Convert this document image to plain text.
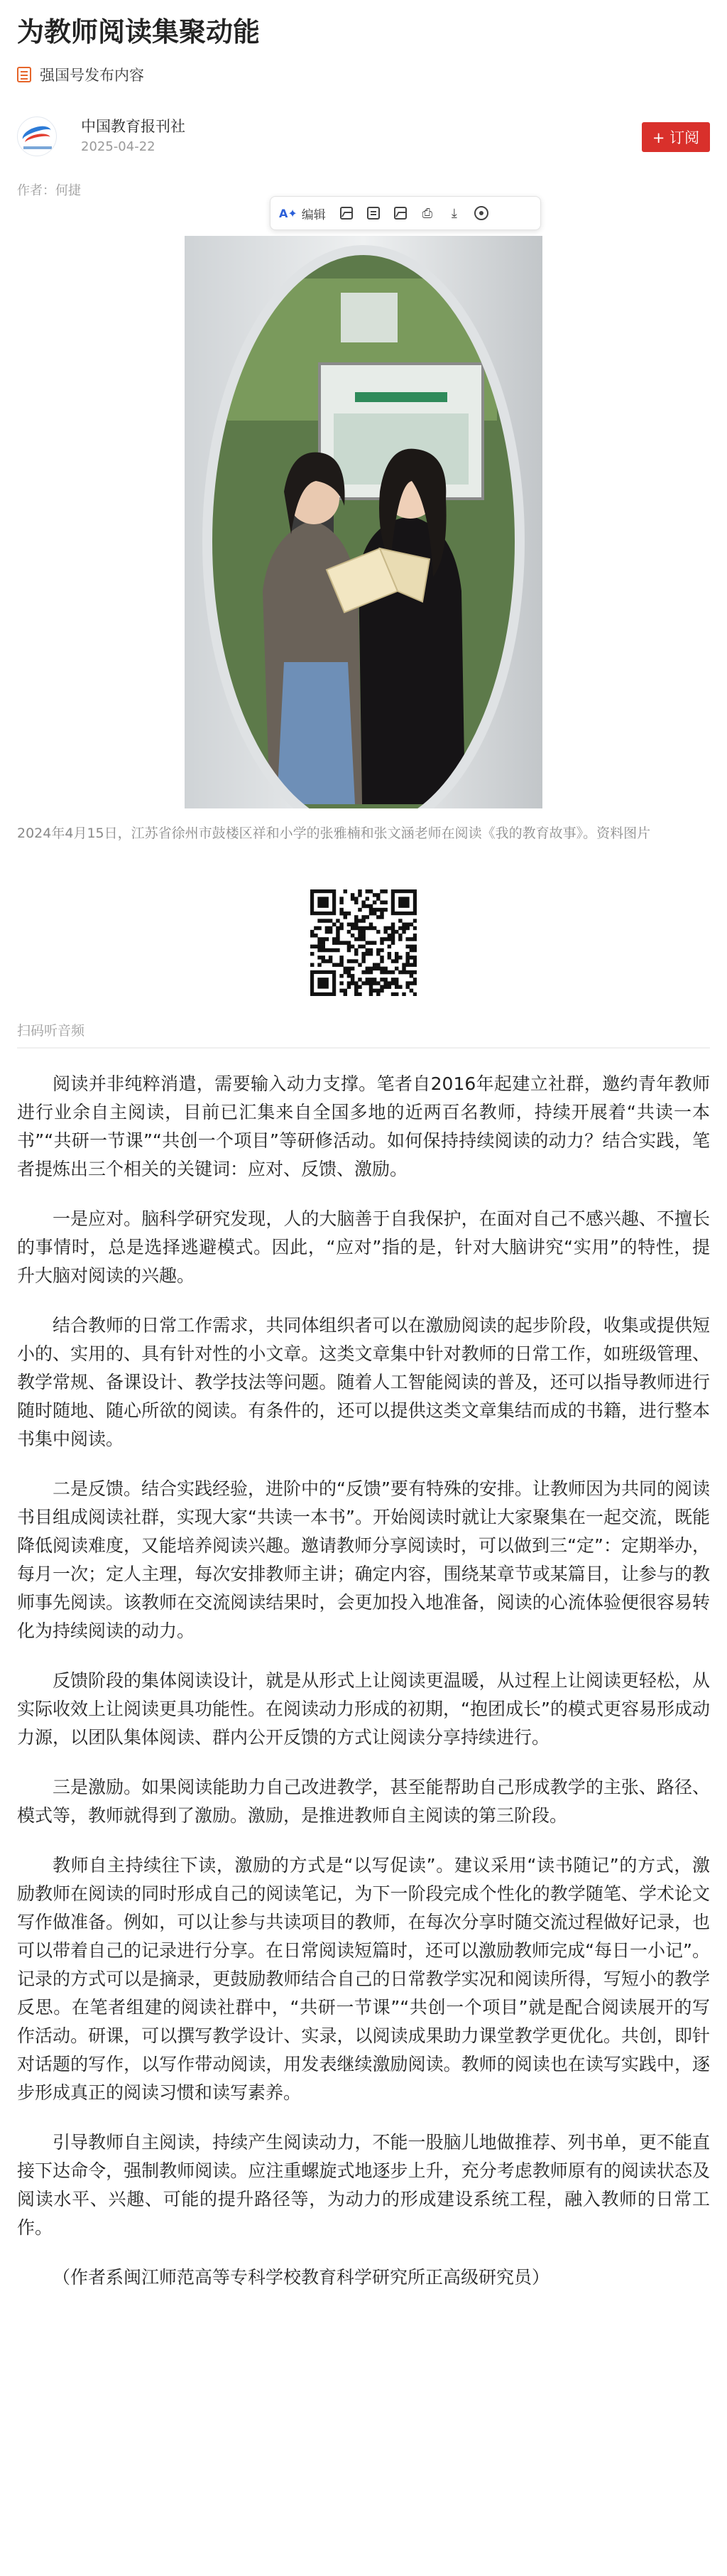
为教师阅读集聚动能
强国号发布内容
中国教育报刊社
2025-04-22
+ 订阅
作者：何捷
A✦ 编辑	⎙ ⤓
2024年4月15日，江苏省徐州市鼓楼区祥和小学的张雅楠和张文涵老师在阅读《我的教育故事》。资料图片
扫码听音频

阅读并非纯粹消遣，需要输入动力支撑。笔者自2016年起建立社群，邀约青年教师进行业余自主阅读，目前已汇集来自全国多地的近两百名教师，持续开展着“共读一本书”“共研一节课”“共创一个项目”等研修活动。如何保持持续阅读的动力？结合实践，笔者提炼出三个相关的关键词：应对、反馈、激励。

一是应对。脑科学研究发现，人的大脑善于自我保护，在面对自己不感兴趣、不擅长的事情时，总是选择逃避模式。因此，“应对”指的是，针对大脑讲究“实用”的特性，提升大脑对阅读的兴趣。

结合教师的日常工作需求，共同体组织者可以在激励阅读的起步阶段，收集或提供短小的、实用的、具有针对性的小文章。这类文章集中针对教师的日常工作，如班级管理、教学常规、备课设计、教学技法等问题。随着人工智能阅读的普及，还可以指导教师进行随时随地、随心所欲的阅读。有条件的，还可以提供这类文章集结而成的书籍，进行整本书集中阅读。

二是反馈。结合实践经验，进阶中的“反馈”要有特殊的安排。让教师因为共同的阅读书目组成阅读社群，实现大家“共读一本书”。开始阅读时就让大家聚集在一起交流，既能降低阅读难度，又能培养阅读兴趣。邀请教师分享阅读时，可以做到三“定”：定期举办，每月一次；定人主理，每次安排教师主讲；确定内容，围绕某章节或某篇目，让参与的教师事先阅读。该教师在交流阅读结果时，会更加投入地准备，阅读的心流体验便很容易转化为持续阅读的动力。

反馈阶段的集体阅读设计，就是从形式上让阅读更温暖，从过程上让阅读更轻松，从实际收效上让阅读更具功能性。在阅读动力形成的初期，“抱团成长”的模式更容易形成动力源，以团队集体阅读、群内公开反馈的方式让阅读分享持续进行。

三是激励。如果阅读能助力自己改进教学，甚至能帮助自己形成教学的主张、路径、模式等，教师就得到了激励。激励，是推进教师自主阅读的第三阶段。

教师自主持续往下读，激励的方式是“以写促读”。建议采用“读书随记”的方式，激励教师在阅读的同时形成自己的阅读笔记，为下一阶段完成个性化的教学随笔、学术论文写作做准备。例如，可以让参与共读项目的教师，在每次分享时随交流过程做好记录，也可以带着自己的记录进行分享。在日常阅读短篇时，还可以激励教师完成“每日一小记”。记录的方式可以是摘录，更鼓励教师结合自己的日常教学实况和阅读所得，写短小的教学反思。在笔者组建的阅读社群中，“共研一节课”“共创一个项目”就是配合阅读展开的写作活动。研课，可以撰写教学设计、实录，以阅读成果助力课堂教学更优化。共创，即针对话题的写作，以写作带动阅读，用发表继续激励阅读。教师的阅读也在读写实践中，逐步形成真正的阅读习惯和读写素养。

引导教师自主阅读，持续产生阅读动力，不能一股脑儿地做推荐、列书单，更不能直接下达命令，强制教师阅读。应注重螺旋式地逐步上升，充分考虑教师原有的阅读状态及阅读水平、兴趣、可能的提升路径等，为动力的形成建设系统工程，融入教师的日常工作。

（作者系闽江师范高等专科学校教育科学研究所正高级研究员）
